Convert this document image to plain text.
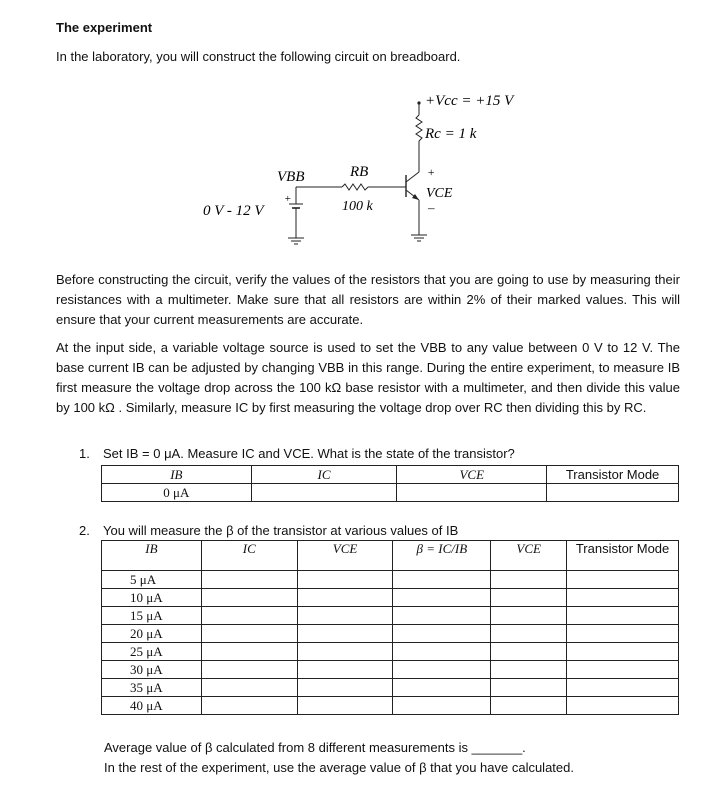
The experiment
In the laboratory, you will construct the following circuit on breadboard.
+Vcc = +15 V
Rc = 1 k
+
VCE
–
RB
100 k
+
VBB
0 V - 12 V
Before constructing the circuit, verify the values of the resistors that you are going to use by measuring their resistances with a multimeter. Make sure that all resistors are within 2% of their marked values. This will ensure that your current measurements are accurate.
At the input side, a variable voltage source is used to set the VBB to any value between 0 V to 12 V. The base current IB can be adjusted by changing VBB in this range. During the entire experiment, to measure IB first measure the voltage drop across the 100 kΩ base resistor with a multimeter, and then divide this value by 100 kΩ . Similarly, measure IC by first measuring the voltage drop over RC then dividing this by RC.
1. Set IB = 0 μA. Measure IC and VCE. What is the state of the transistor?
IB	IC	VCE	Transistor Mode
0 μA			
2. You will measure the β of the transistor at various values of IB
IB	IC	VCE	β = IC/IB	VCE	Transistor Mode
5 μA					
10 μA					
15 μA					
20 μA					
25 μA					
30 μA					
35 μA					
40 μA					
Average value of β calculated from 8 different measurements is _______.
In the rest of the experiment, use the average value of β that you have calculated.
